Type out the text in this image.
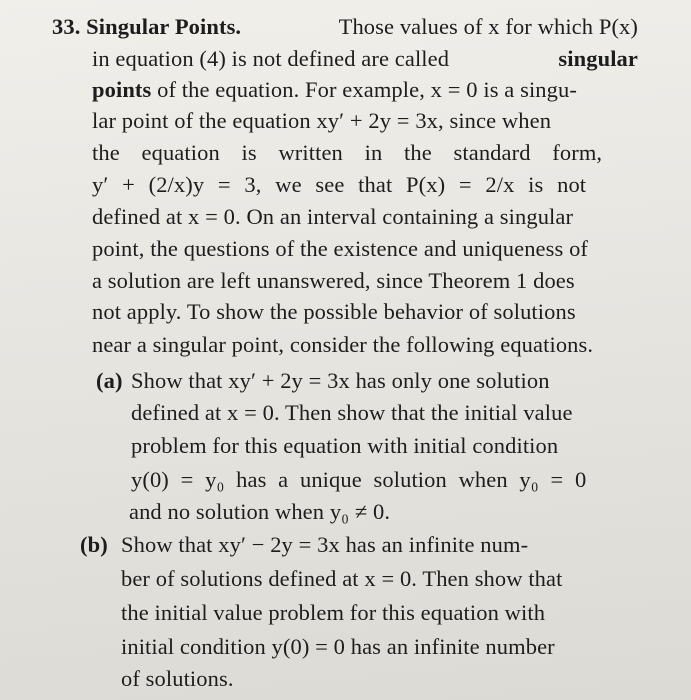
33. Singular Points.	Those values of x for which P(x)
in equation (4) is not defined are called	singular
points of the equation. For example, x = 0 is a singu-
lar point of the equation xy′ + 2y = 3x, since when
the equation is written in the standard form,
y′ + (2/x)y = 3, we see that P(x) = 2/x is not
defined at x = 0. On an interval containing a singular
point, the questions of the existence and uniqueness of
a solution are left unanswered, since Theorem 1 does
not apply. To show the possible behavior of solutions
near a singular point, consider the following equations.
(a) Show that xy′ + 2y = 3x has only one solution
defined at x = 0. Then show that the initial value
problem for this equation with initial condition
y(0) = y₀ has a unique solution when y₀ = 0
and no solution when y₀ ≠ 0.
(b) Show that xy′ − 2y = 3x has an infinite num-
ber of solutions defined at x = 0. Then show that
the initial value problem for this equation with
initial condition y(0) = 0 has an infinite number
of solutions.
